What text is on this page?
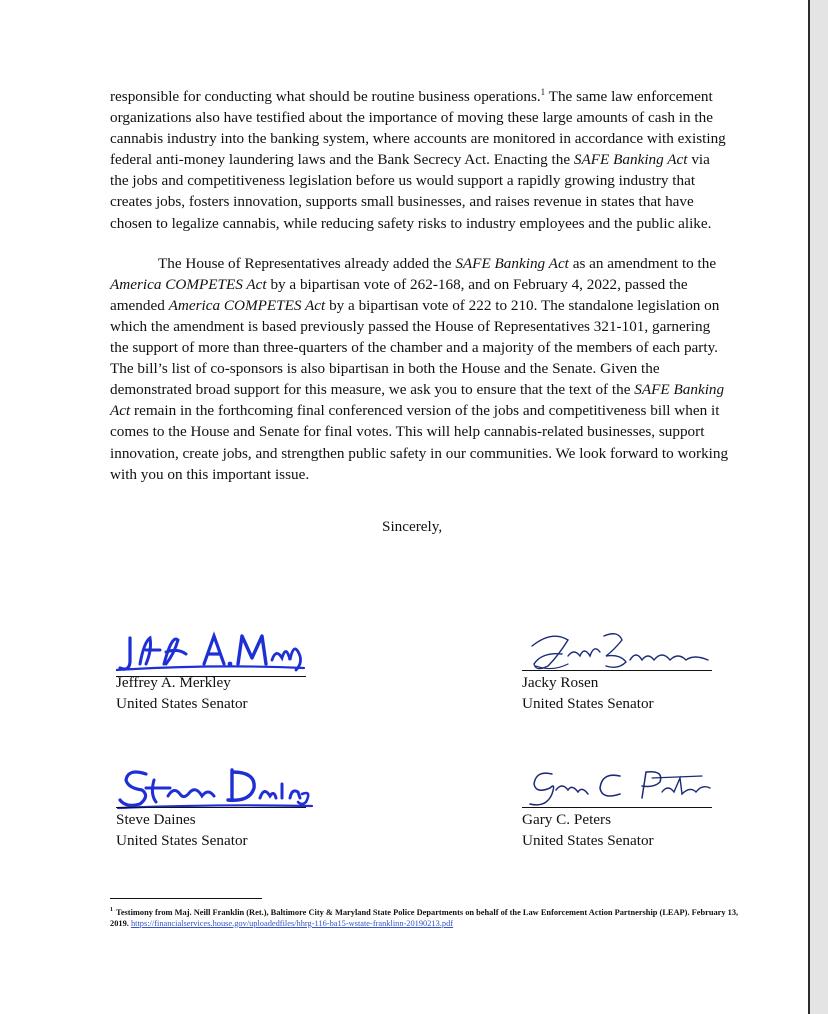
responsible for conducting what should be routine business operations.$^1$ The same law enforcement organizations also have testified about the importance of moving these large amounts of cash in the cannabis industry into the banking system, where accounts are monitored in accordance with existing federal anti-money laundering laws and the Bank Secrecy Act. Enacting the SAFE Banking Act via the jobs and competitiveness legislation before us would support a rapidly growing industry that creates jobs, fosters innovation, supports small businesses, and raises revenue in states that have chosen to legalize cannabis, while reducing safety risks to industry employees and the public alike.

The House of Representatives already added the SAFE Banking Act as an amendment to the America COMPETES Act by a bipartisan vote of 262-168, and on February 4, 2022, passed the amended America COMPETES Act by a bipartisan vote of 222 to 210. The standalone legislation on which the amendment is based previously passed the House of Representatives 321-101, garnering the support of more than three-quarters of the chamber and a majority of the members of each party. The bill’s list of co-sponsors is also bipartisan in both the House and the Senate. Given the demonstrated broad support for this measure, we ask you to ensure that the text of the SAFE Banking Act remain in the forthcoming final conferenced version of the jobs and competitiveness bill when it comes to the House and Senate for final votes. This will help cannabis-related businesses, support innovation, create jobs, and strengthen public safety in our communities. We look forward to working with you on this important issue.

Sincerely,
Jeffrey A. Merkley
United States Senator
Jacky Rosen
United States Senator
Steve Daines
United States Senator
Gary C. Peters
United States Senator
$^1$ Testimony from Maj. Neill Franklin (Ret.), Baltimore City & Maryland State Police Departments on behalf of the Law Enforcement Action Partnership (LEAP). February 13, 2019. https://financialservices.house.gov/uploadedfiles/hhrg-116-ba15-wstate-franklinn-20190213.pdf
